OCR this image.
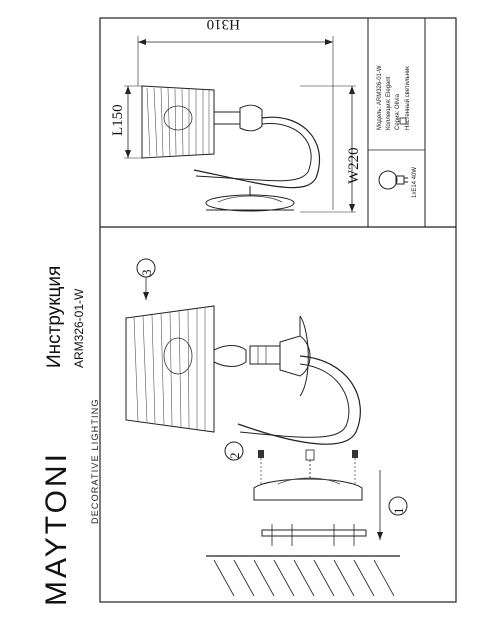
MAYTONI DECORATIVE LIGHTING
Инструкция ARM326-01-W
H310
L150
W220
Модель: ARM326-01-W
Коллекция: Elegant
Серия: Olivia Настенный светильник
1хE14 40W
3
2
1
